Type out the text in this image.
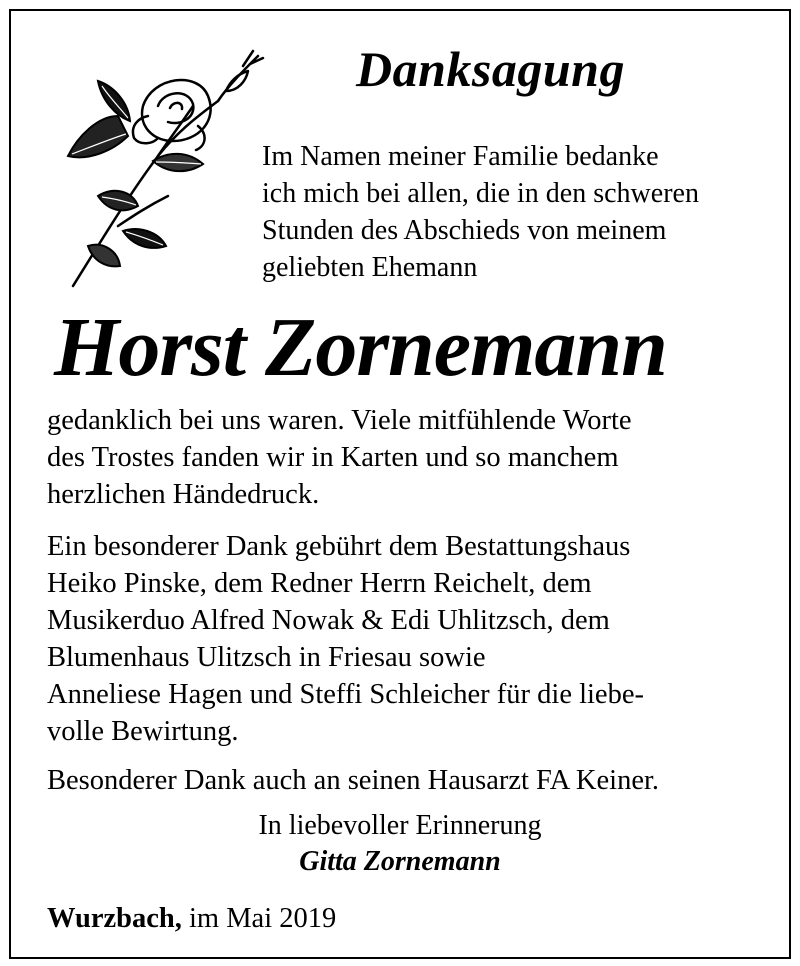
Danksagung
Im Namen meiner Familie bedanke
ich mich bei allen, die in den schweren
Stunden des Abschieds von meinem
geliebten Ehemann
Horst Zornemann
gedanklich bei uns waren. Viele mitfühlende Worte
des Trostes fanden wir in Karten und so manchem
herzlichen Händedruck.
Ein besonderer Dank gebührt dem Bestattungshaus
Heiko Pinske, dem Redner Herrn Reichelt, dem
Musikerduo Alfred Nowak & Edi Uhlitzsch, dem
Blumenhaus Ulitzsch in Friesau sowie
Anneliese Hagen und Steffi Schleicher für die liebe-
volle Bewirtung.
Besonderer Dank auch an seinen Hausarzt FA Keiner.
In liebevoller Erinnerung
Gitta Zornemann
Wurzbach, im Mai 2019
